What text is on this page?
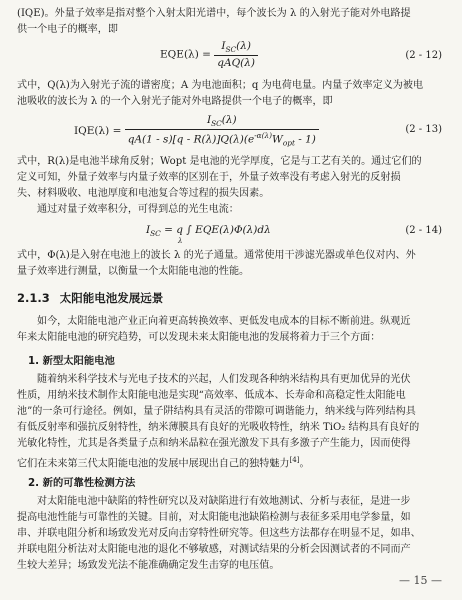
(IQE)。外量子效率是指对整个入射太阳光谱中，每个波长为 λ 的入射光子能对外电路提

供一个电子的概率，即

$EQE(\lambda) = \frac{I_{SC}(\lambda)}{\text{qAQ(λ)}}$	(2 - 12)

式中，Q(λ)为入射光子流的谱密度；A 为电池面积；q 为电荷电量。内量子效率定义为被电

池吸收的波长为 λ 的一个入射光子能对外电路提供一个电子的概率，即

$IQE(\lambda) = \frac{I_{SC}(\lambda)}{qA(1 - s)[q - R(\lambda)]Q(\lambda)(e^{-\alpha(\lambda)}W_{opt} - 1)}$	(2 - 13)

式中，R(λ)是电池半球角反射；Wopt 是电池的光学厚度，它是与工艺有关的。通过它们的

定义可知，外量子效率与内量子效率的区别在于，外量子效率没有考虑入射光的反射损

失、材料吸收、电池厚度和电池复合等过程的损失因素。

通过对量子效率积分，可得到总的光生电流：

$I_{SC} = q$ ∫ EQE(λ)Φ(λ)dλ
λ
(2 - 14)

式中，Φ(λ)是入射在电池上的波长 λ 的光子通量。通常使用干涉滤光器或单色仪对内、外

量子效率进行测量，以衡量一个太阳能电池的性能。

2.1.3 太阳能电池发展远景

如今，太阳能电池产业正向着更高转换效率、更低发电成本的目标不断前进。纵观近

年来太阳能电池的研究趋势，可以发现未来太阳能电池的发展将着力于三个方面：

1. 新型太阳能电池

随着纳米科学技术与光电子技术的兴起，人们发现各种纳米结构具有更加优异的光伏

性质，用纳米技术制作太阳能电池是实现“高效率、低成本、长寿命和高稳定性太阳能电

池”的一条可行途径。例如，量子阱结构具有灵活的带隙可调谐能力，纳米线与阵列结构具

有低反射率和强抗反射特性，纳米薄膜具有良好的光吸收特性，纳米 TiO₂ 结构具有良好的

光敏化特性，尤其是各类量子点和纳米晶粒在强光激发下具有多激子产生能力，因而使得

它们在未来第三代太阳能电池的发展中展现出自己的独特魅力[4]。

2. 新的可靠性检测方法

对太阳能电池中缺陷的特性研究以及对缺陷进行有效地测试、分析与表征，是进一步

提高电池性能与可靠性的关键。目前，对太阳能电池缺陷检测与表征多采用电学参量，如

串、并联电阻分析和场致发光对反向击穿特性研究等。但这些方法都存在明显不足，如串、

并联电阻分析法对太阳能电池的退化不够敏感，对测试结果的分析会因测试者的不同而产

生较大差异；场致发光法不能准确确定发生击穿的电压值。

— 15 —
